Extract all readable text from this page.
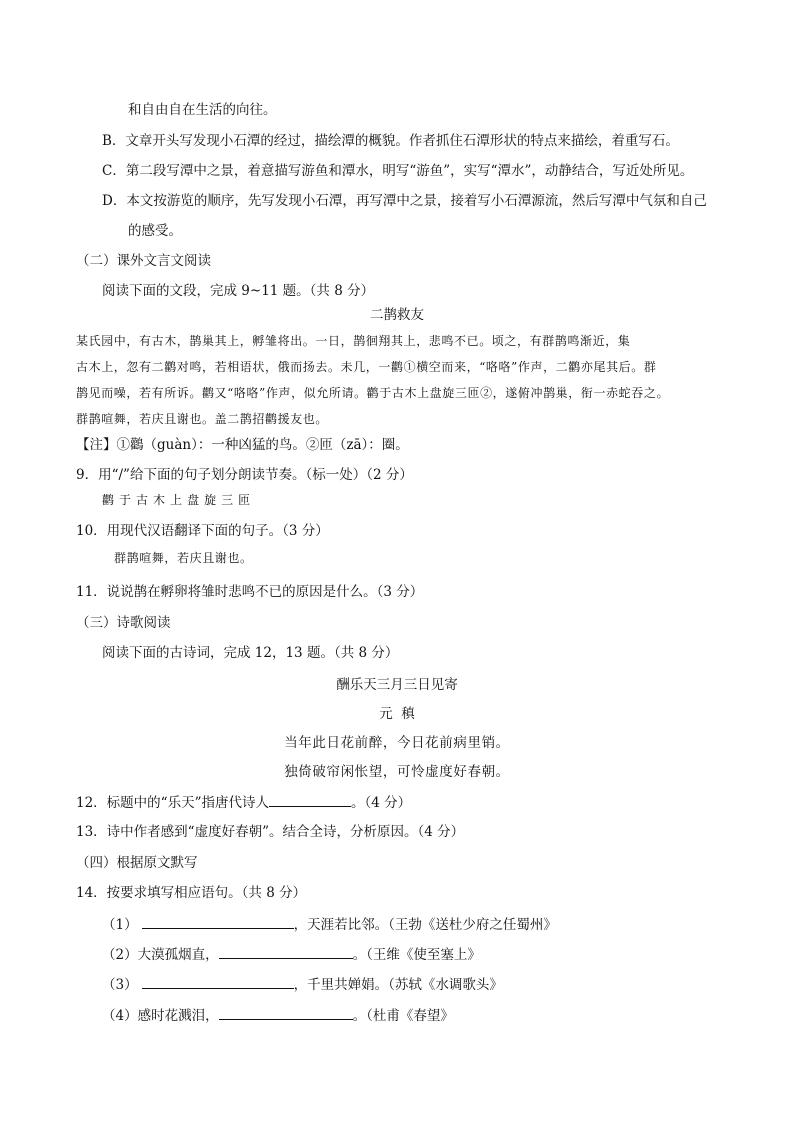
和自由自在生活的向往。
B．文章开头写发现小石潭的经过，描绘潭的概貌。作者抓住石潭形状的特点来描绘，着重写石。
C．第二段写潭中之景，着意描写游鱼和潭水，明写“游鱼”，实写“潭水”，动静结合，写近处所见。
D．本文按游览的顺序，先写发现小石潭，再写潭中之景，接着写小石潭源流，然后写潭中气氛和自己
的感受。
（二）课外文言文阅读
阅读下面的文段，完成 9~11 题。（共 8 分）
二鹊救友
某氏园中，有古木，鹊巢其上，孵雏将出。一日，鹊徊翔其上，悲鸣不已。顷之，有群鹊鸣渐近，集
古木上，忽有二鹳对鸣，若相语状，俄而扬去。未几，一鹳①横空而来，“咯咯”作声，二鹳亦尾其后。群
鹊见而噪，若有所诉。鹳又“咯咯”作声，似允所请。鹳于古木上盘旋三匝②，遂俯冲鹊巢，衔一赤蛇吞之。
群鹊喧舞，若庆且谢也。盖二鹊招鹳援友也。
【注】①鸛（guàn）：一种凶猛的鸟。②匝（zā）：圈。
9．用“/”给下面的句子划分朗读节奏。（标一处）（2 分）
鹳 于 古 木 上 盘 旋 三 匝
10．用现代汉语翻译下面的句子。（3 分）
群鹊喧舞，若庆且谢也。
11．说说鹊在孵卵将雏时悲鸣不已的原因是什么。（3 分）
（三）诗歌阅读
阅读下面的古诗词，完成 12，13 题。（共 8 分）
酬乐天三月三日见寄
元  稹
当年此日花前醉，今日花前病里销。
独倚破帘闲怅望，可怜虚度好春朝。
12．标题中的“乐天”指唐代诗人	。（4 分）
13．诗中作者感到“虚度好春朝”。结合全诗，分析原因。（4 分）
（四）根据原文默写
14．按要求填写相应语句。（共 8 分）
（1）	，天涯若比邻。（王勃《送杜少府之任蜀州》
（2）大漠孤烟直，	。（王维《使至塞上》
（3）	，千里共婵娟。（苏轼《水调歌头》
（4）感时花溅泪，	。（杜甫《春望》
